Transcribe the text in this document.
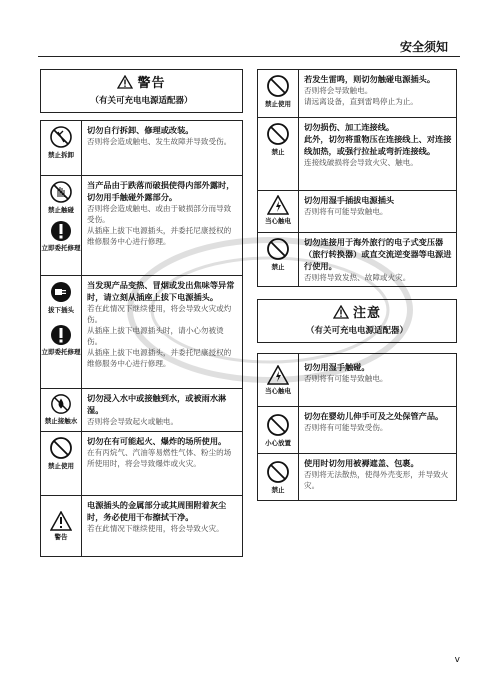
安全须知
警告
（有关可充电电源适配器）
禁止拆卸
切勿自行拆卸、修理或改装。
否则将会造成触电、发生故障并导致受伤。
禁止触碰
立即委托修理
当产品由于跌落而破损使得内部外露时，切勿用手触碰外露部分。
否则将会造成触电、或由于破损部分而导致受伤。
从插座上拔下电源插头，并委托尼康授权的维修服务中心进行修理。
拔下插头
立即委托修理
当发现产品变热、冒烟或发出焦味等异常时，请立刻从插座上拔下电源插头。
若在此情况下继续使用，将会导致火灾或灼伤。
从插座上拔下电源插头时，请小心勿被烫伤。
从插座上拔下电源插头，并委托尼康授权的维修服务中心进行修理。
禁止接触水
切勿浸入水中或接触到水，或被雨水淋湿。
否则将会导致起火或触电。
禁止使用
切勿在有可能起火、爆炸的场所使用。
在有丙烷气、汽油等易燃性气体、粉尘的场所使用时，将会导致爆炸或火灾。
警告
电源插头的金属部分或其周围附着灰尘时，务必使用干布擦拭干净。
若在此情况下继续使用，将会导致火灾。
禁止使用
若发生雷鸣，则切勿触碰电源插头。
否则将会导致触电。
请远离设备，直到雷鸣停止为止。
禁止
切勿损伤、加工连接线。
此外，切勿将重物压在连接线上、对连接线加热，或强行拉扯或弯折连接线。
连接线破损将会导致火灾、触电。
当心触电
切勿用湿手插拔电源插头
否则将有可能导致触电。
禁止
切勿连接用于海外旅行的电子式变压器（旅行转换器）或直交流逆变器等电源进行使用。
否则将导致发热、故障或火灾。
注意
（有关可充电电源适配器）
当心触电
切勿用湿手触碰。
否则将有可能导致触电。
小心放置
切勿在婴幼儿伸手可及之处保管产品。
否则将有可能导致受伤。
禁止
使用时切勿用被褥遮盖、包裹。
否则将无法散热，使得外壳变形，并导致火灾。
v
